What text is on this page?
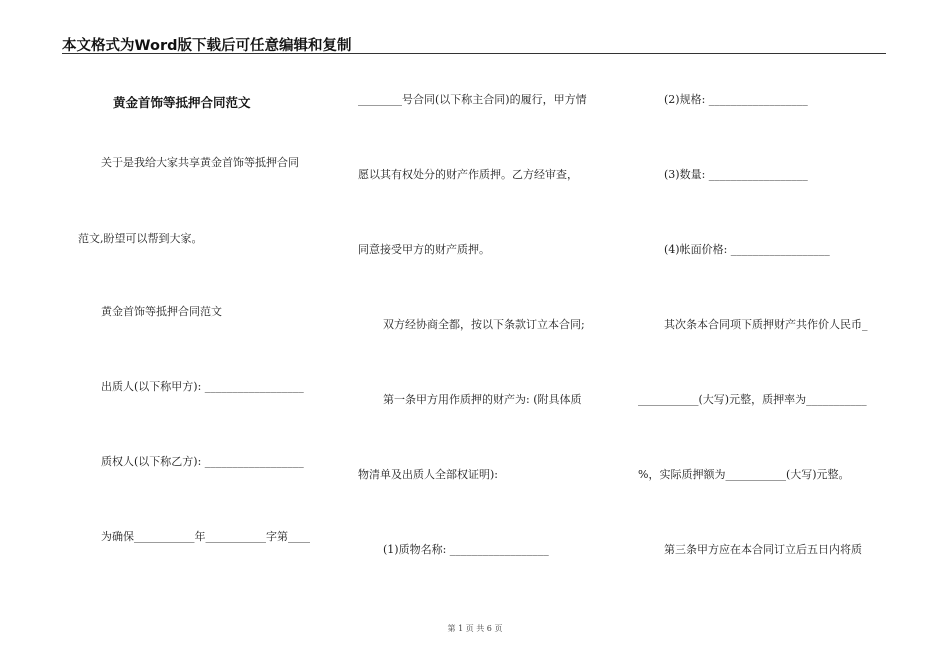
本文格式为Word版下载后可任意编辑和复制
黄金首饰等抵押合同范文
关于是我给大家共享黄金首饰等抵押合同
范文,盼望可以帮到大家。
黄金首饰等抵押合同范文
出质人(以下称甲方): __________________
质权人(以下称乙方): __________________
为确保___________年___________字第____
________号合同(以下称主合同)的履行，甲方情
愿以其有权处分的财产作质押。乙方经审查，
同意接受甲方的财产质押。
双方经协商全都，按以下条款订立本合同;
第一条甲方用作质押的财产为: (附具体质
物清单及出质人全部权证明):
(1)质物名称: __________________
(2)规格: __________________
(3)数量: __________________
(4)帐面价格: __________________
其次条本合同项下质押财产共作价人民币_
___________(大写)元整，质押率为___________
%，实际质押额为___________(大写)元整。
第三条甲方应在本合同订立后五日内将质
第 1 页 共 6 页
